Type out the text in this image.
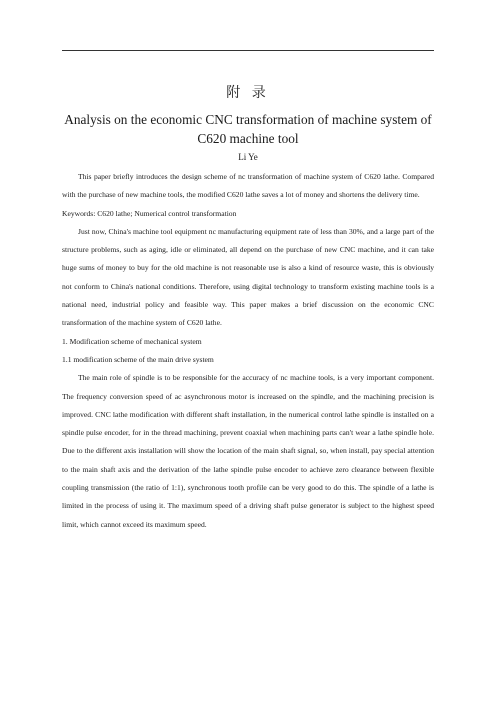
附 录
Analysis on the economic CNC transformation of machine system of C620 machine tool
Li Ye

This paper briefly introduces the design scheme of nc transformation of machine system of C620 lathe. Compared with the purchase of new machine tools, the modified C620 lathe saves a lot of money and shortens the delivery time.

Keywords: C620 lathe; Numerical control transformation

Just now, China's machine tool equipment nc manufacturing equipment rate of less than 30%, and a large part of the structure problems, such as aging, idle or eliminated, all depend on the purchase of new CNC machine, and it can take huge sums of money to buy for the old machine is not reasonable use is also a kind of resource waste, this is obviously not conform to China's national conditions. Therefore, using digital technology to transform existing machine tools is a national need, industrial policy and feasible way. This paper makes a brief discussion on the economic CNC transformation of the machine system of C620 lathe.

1. Modification scheme of mechanical system

1.1 modification scheme of the main drive system

The main role of spindle is to be responsible for the accuracy of nc machine tools, is a very important component. The frequency conversion speed of ac asynchronous motor is increased on the spindle, and the machining precision is improved. CNC lathe modification with different shaft installation, in the numerical control lathe spindle is installed on a spindle pulse encoder, for in the thread machining, prevent coaxial when machining parts can't wear a lathe spindle hole. Due to the different axis installation will show the location of the main shaft signal, so, when install, pay special attention to the main shaft axis and the derivation of the lathe spindle pulse encoder to achieve zero clearance between flexible coupling transmission (the ratio of 1:1), synchronous tooth profile can be very good to do this. The spindle of a lathe is limited in the process of using it. The maximum speed of a driving shaft pulse generator is subject to the highest speed limit, which cannot exceed its maximum speed.
